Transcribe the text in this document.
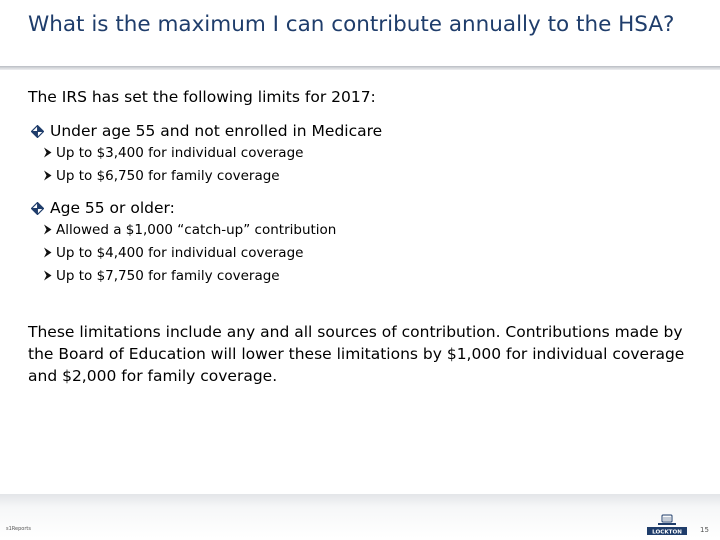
What is the maximum I can contribute annually to the HSA?
The IRS has set the following limits for 2017:
Under age 55 and not enrolled in Medicare
Up to $3,400 for individual coverage
Up to $6,750 for family coverage
Age 55 or older:
Allowed a $1,000 “catch-up” contribution
Up to $4,400 for individual coverage
Up to $7,750 for family coverage
These limitations include any and all sources of contribution. Contributions made by the Board of Education will lower these limitations by $1,000 for individual coverage and $2,000 for family coverage.
s1Reports
LOCKTON	15
